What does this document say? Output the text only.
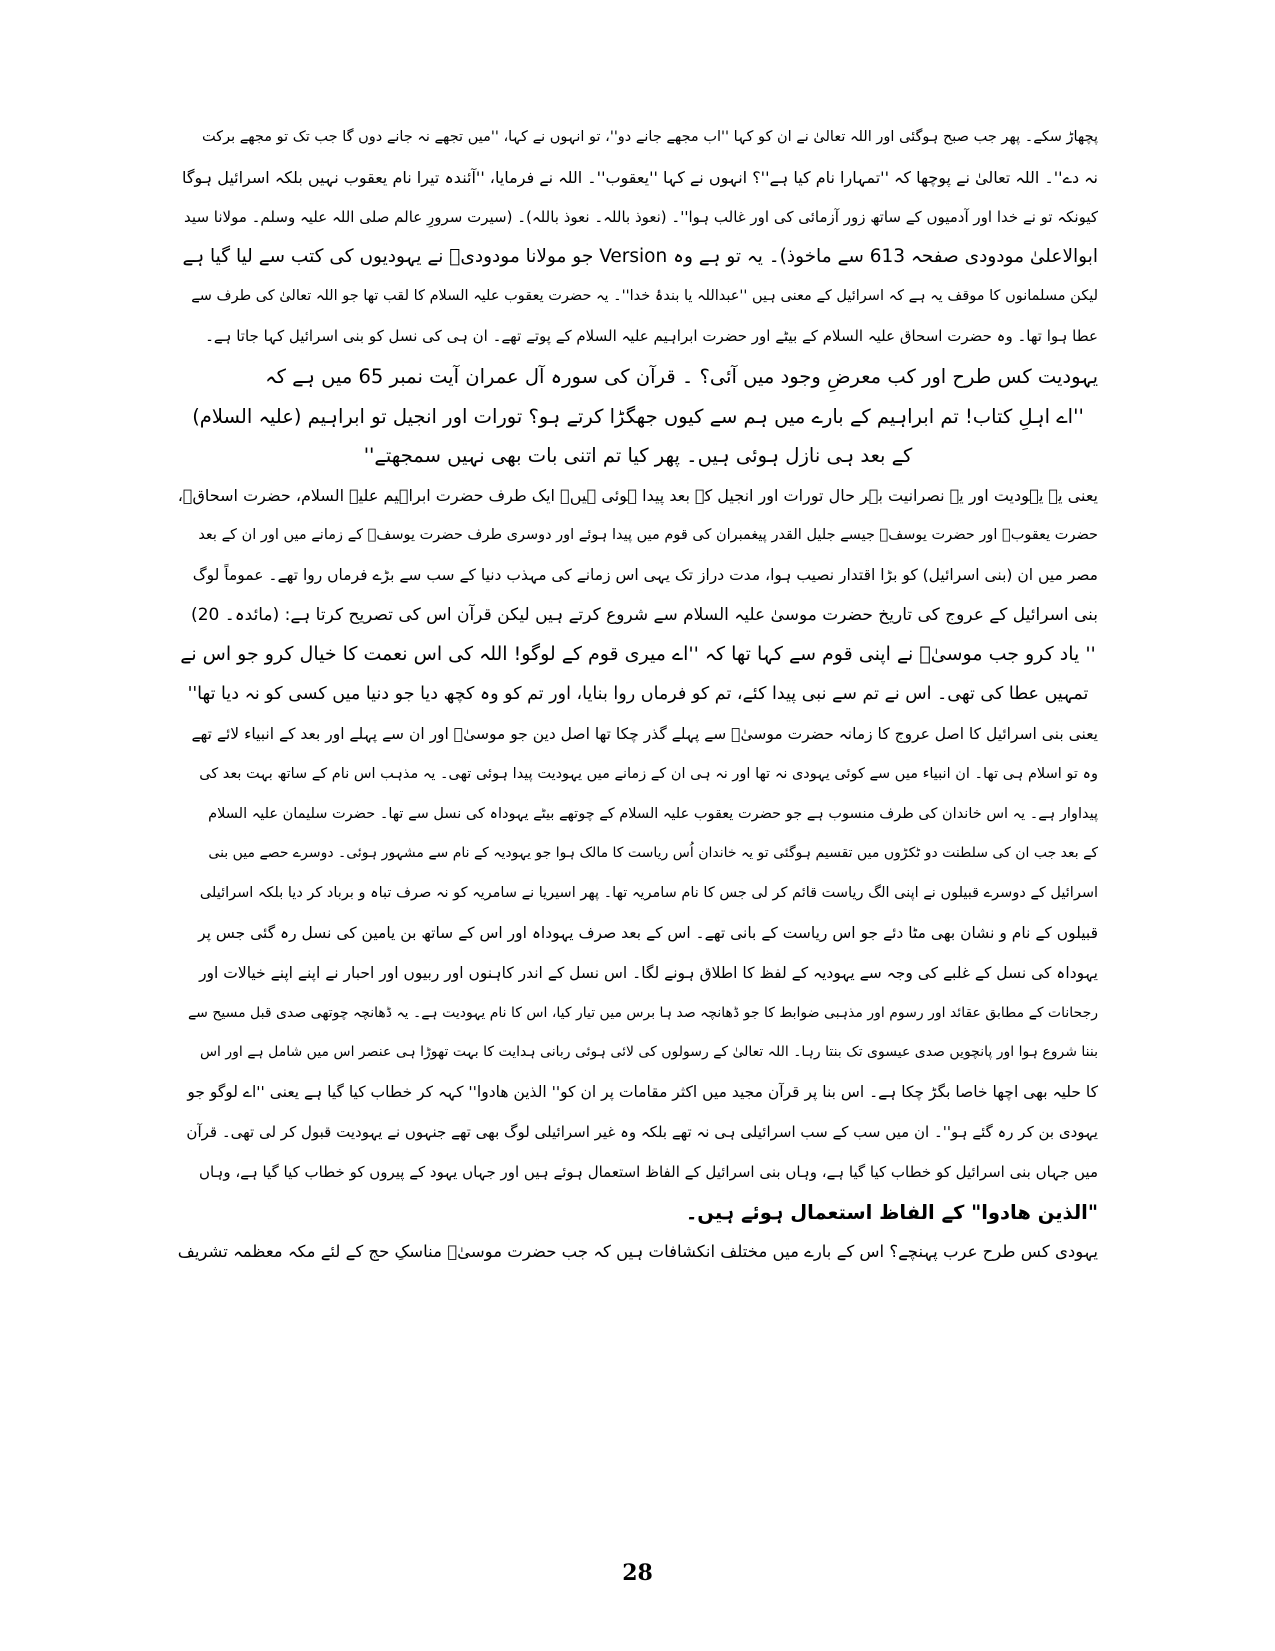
پچھاڑ سکے۔ پھر جب صبح ہوگئی اور اللہ تعالیٰ نے ان کو کہا ''اب مجھے جانے دو''، تو انہوں نے کہا، ''میں تجھے نہ جانے دوں گا جب تک تو مجھے برکت
نہ دے''۔ اللہ تعالیٰ نے پوچھا کہ ''تمہارا نام کیا ہے''؟ انہوں نے کہا ''یعقوب''۔ اللہ نے فرمایا، ''آئندہ تیرا نام یعقوب نہیں بلکہ اسرائیل ہوگا
کیونکہ تو نے خدا اور آدمیوں کے ساتھ زور آزمائی کی اور غالب ہوا''۔ (نعوذ باللہ۔ نعوذ باللہ)۔ (سیرت سرورِ عالم صلی اللہ علیہ وسلم۔ مولانا سید
ابوالاعلیٰ مودودی صفحہ 613 سے ماخوذ)۔ یہ تو ہے وہ Version جو مولانا مودودیؒ نے یہودیوں کی کتب سے لیا گیا ہے
لیکن مسلمانوں کا موقف یہ ہے کہ اسرائیل کے معنی ہیں ''عبداللہ یا بندۂ خدا''۔ یہ حضرت یعقوب علیہ السلام کا لقب تھا جو اللہ تعالیٰ کی طرف سے
عطا ہوا تھا۔ وہ حضرت اسحاق علیہ السلام کے بیٹے اور حضرت ابراہیم علیہ السلام کے پوتے تھے۔ ان ہی کی نسل کو بنی اسرائیل کہا جاتا ہے۔
یہودیت کس طرح اور کب معرضِ وجود میں آئی؟ ۔ قرآن کی سورہ آل عمران آیت نمبر 65 میں ہے کہ
''اے اہلِ کتاب! تم ابراہیم کے بارے میں ہم سے کیوں جھگڑا کرتے ہو؟ تورات اور انجیل تو ابراہیم (علیہ السلام)
کے بعد ہی نازل ہوئی ہیں۔ پھر کیا تم اتنی بات بھی نہیں سمجھتے''
یعنی یہ یہودیت اور یہ نصرانیت بہر حال تورات اور انجیل کے بعد پیدا ہوئی ہیں۔ ایک طرف حضرت ابراہیم علیہ السلام، حضرت اسحاقؑ،
حضرت یعقوبؑ اور حضرت یوسفؑ جیسے جلیل القدر پیغمبران کی قوم میں پیدا ہوئے اور دوسری طرف حضرت یوسفؑ کے زمانے میں اور ان کے بعد
مصر میں ان (بنی اسرائیل) کو بڑا اقتدار نصیب ہوا، مدت دراز تک یہی اس زمانے کی مہذب دنیا کے سب سے بڑے فرماں روا تھے۔ عموماً لوگ
بنی اسرائیل کے عروج کی تاریخ حضرت موسیٰ علیہ السلام سے شروع کرتے ہیں لیکن قرآن اس کی تصریح کرتا ہے: (مائدہ۔ 20)
'' یاد کرو جب موسیٰؑ نے اپنی قوم سے کہا تھا کہ ''اے میری قوم کے لوگو! اللہ کی اس نعمت کا خیال کرو جو اس نے
تمہیں عطا کی تھی۔ اس نے تم سے نبی پیدا کئے، تم کو فرماں روا بنایا، اور تم کو وہ کچھ دیا جو دنیا میں کسی کو نہ دیا تھا''
یعنی بنی اسرائیل کا اصل عروج کا زمانہ حضرت موسیٰؑ سے پہلے گذر چکا تھا اصل دین جو موسیٰؑ اور ان سے پہلے اور بعد کے انبیاء لائے تھے
وہ تو اسلام ہی تھا۔ ان انبیاء میں سے کوئی یہودی نہ تھا اور نہ ہی ان کے زمانے میں یہودیت پیدا ہوئی تھی۔ یہ مذہب اس نام کے ساتھ بہت بعد کی
پیداوار ہے۔ یہ اس خاندان کی طرف منسوب ہے جو حضرت یعقوب علیہ السلام کے چوتھے بیٹے یہوداہ کی نسل سے تھا۔ حضرت سلیمان علیہ السلام
کے بعد جب ان کی سلطنت دو ٹکڑوں میں تقسیم ہوگئی تو یہ خاندان اُس ریاست کا مالک ہوا جو یہودیہ کے نام سے مشہور ہوئی۔ دوسرے حصے میں بنی
اسرائیل کے دوسرے قبیلوں نے اپنی الگ ریاست قائم کر لی جس کا نام سامریہ تھا۔ پھر اسیریا نے سامریہ کو نہ صرف تباہ و برباد کر دیا بلکہ اسرائیلی
قبیلوں کے نام و نشان بھی مٹا دئے جو اس ریاست کے بانی تھے۔ اس کے بعد صرف یہوداہ اور اس کے ساتھ بن یامین کی نسل رہ گئی جس پر
یہوداہ کی نسل کے غلبے کی وجہ سے یہودیہ کے لفظ کا اطلاق ہونے لگا۔ اس نسل کے اندر کاہنوں اور ربیوں اور احبار نے اپنے اپنے خیالات اور
رجحانات کے مطابق عقائد اور رسوم اور مذہبی ضوابط کا جو ڈھانچہ صد ہا برس میں تیار کیا، اس کا نام یہودیت ہے۔ یہ ڈھانچہ چوتھی صدی قبل مسیح سے
بننا شروع ہوا اور پانچویں صدی عیسوی تک بنتا رہا۔ اللہ تعالیٰ کے رسولوں کی لائی ہوئی ربانی ہدایت کا بہت تھوڑا ہی عنصر اس میں شامل ہے اور اس
کا حلیہ بھی اچھا خاصا بگڑ چکا ہے۔ اس بنا پر قرآن مجید میں اکثر مقامات پر ان کو'' الذین ھادوا'' کہہ کر خطاب کیا گیا ہے یعنی ''اے لوگو جو
یہودی بن کر رہ گئے ہو''۔ ان میں سب کے سب اسرائیلی ہی نہ تھے بلکہ وہ غیر اسرائیلی لوگ بھی تھے جنہوں نے یہودیت قبول کر لی تھی۔ قرآن
میں جہاں بنی اسرائیل کو خطاب کیا گیا ہے، وہاں بنی اسرائیل کے الفاظ استعمال ہوئے ہیں اور جہاں یہود کے پیروں کو خطاب کیا گیا ہے، وہاں
"الذین ھادوا" کے الفاظ استعمال ہوئے ہیں۔
یہودی کس طرح عرب پہنچے؟ اس کے بارے میں مختلف انکشافات ہیں کہ جب حضرت موسیٰؑ مناسکِ حج کے لئے مکہ معظمہ تشریف
28
